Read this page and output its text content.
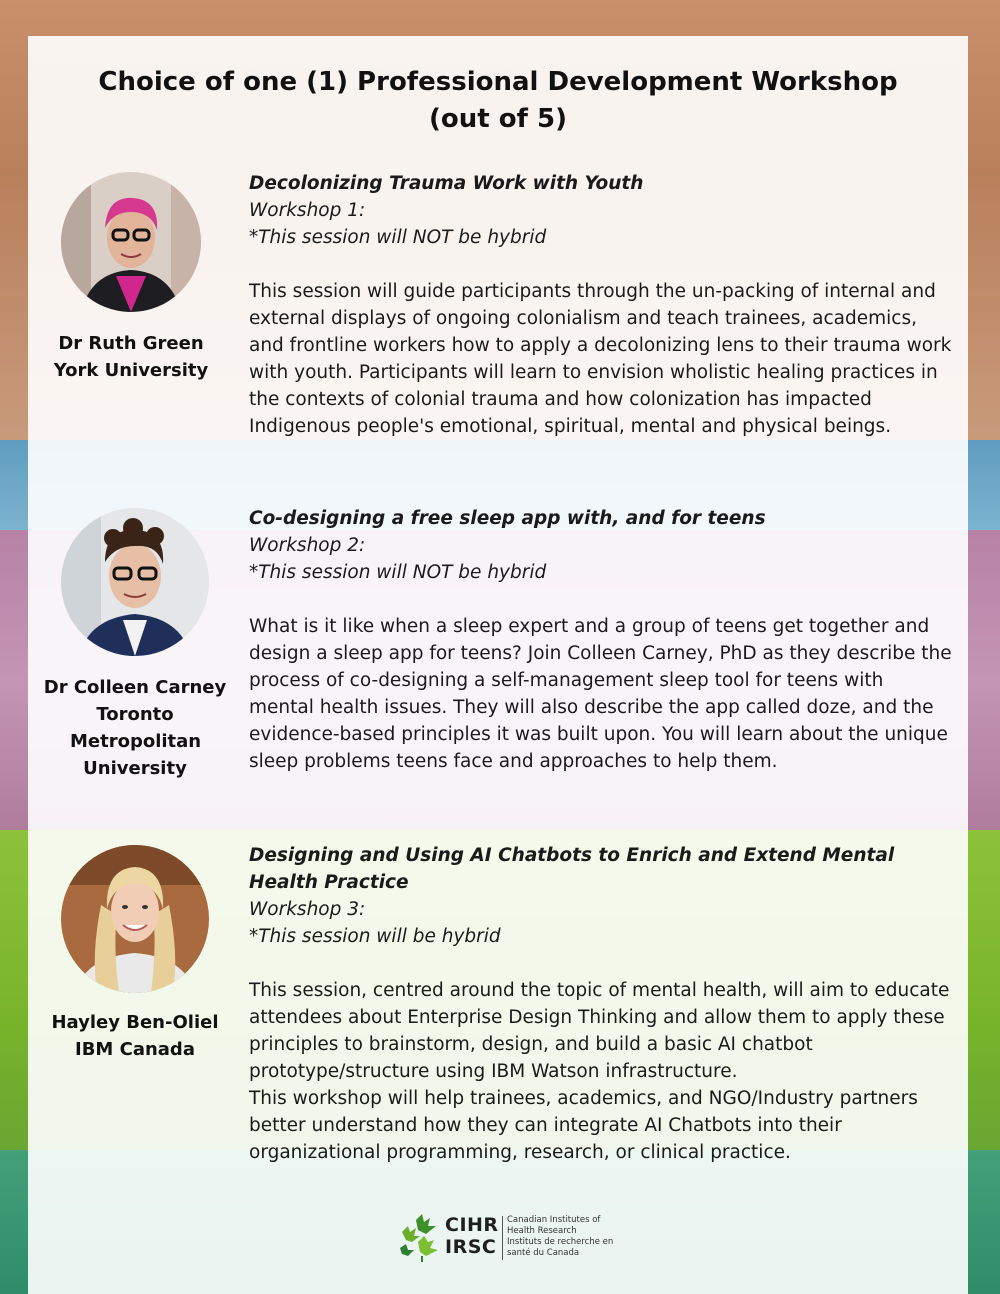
Choice of one (1) Professional Development Workshop
(out of 5)
Dr Ruth Green
York University
Decolonizing Trauma Work with Youth
Workshop 1:
*This session will NOT be hybrid
This session will guide participants through the un-packing of internal and external displays of ongoing colonialism and teach trainees, academics, and frontline workers how to apply a decolonizing lens to their trauma work with youth. Participants will learn to envision wholistic healing practices in the contexts of colonial trauma and how colonization has impacted Indigenous people's emotional, spiritual, mental and physical beings.
Dr Colleen Carney
Toronto Metropolitan University
Co-designing a free sleep app with, and for teens
Workshop 2:
*This session will NOT be hybrid
What is it like when a sleep expert and a group of teens get together and design a sleep app for teens? Join Colleen Carney, PhD as they describe the process of co-designing a self-management sleep tool for teens with mental health issues. They will also describe the app called doze, and the evidence-based principles it was built upon. You will learn about the unique sleep problems teens face and approaches to help them.
Hayley Ben-Oliel
IBM Canada
Designing and Using AI Chatbots to Enrich and Extend Mental Health Practice
Workshop 3:
*This session will be hybrid
This session, centred around the topic of mental health, will aim to educate attendees about Enterprise Design Thinking and allow them to apply these principles to brainstorm, design, and build a basic AI chatbot prototype/structure using IBM Watson infrastructure.
This workshop will help trainees, academics, and NGO/Industry partners better understand how they can integrate AI Chatbots into their organizational programming, research, or clinical practice.
CIHR
IRSC
Canadian Institutes of Health Research
Instituts de recherche en santé du Canada
